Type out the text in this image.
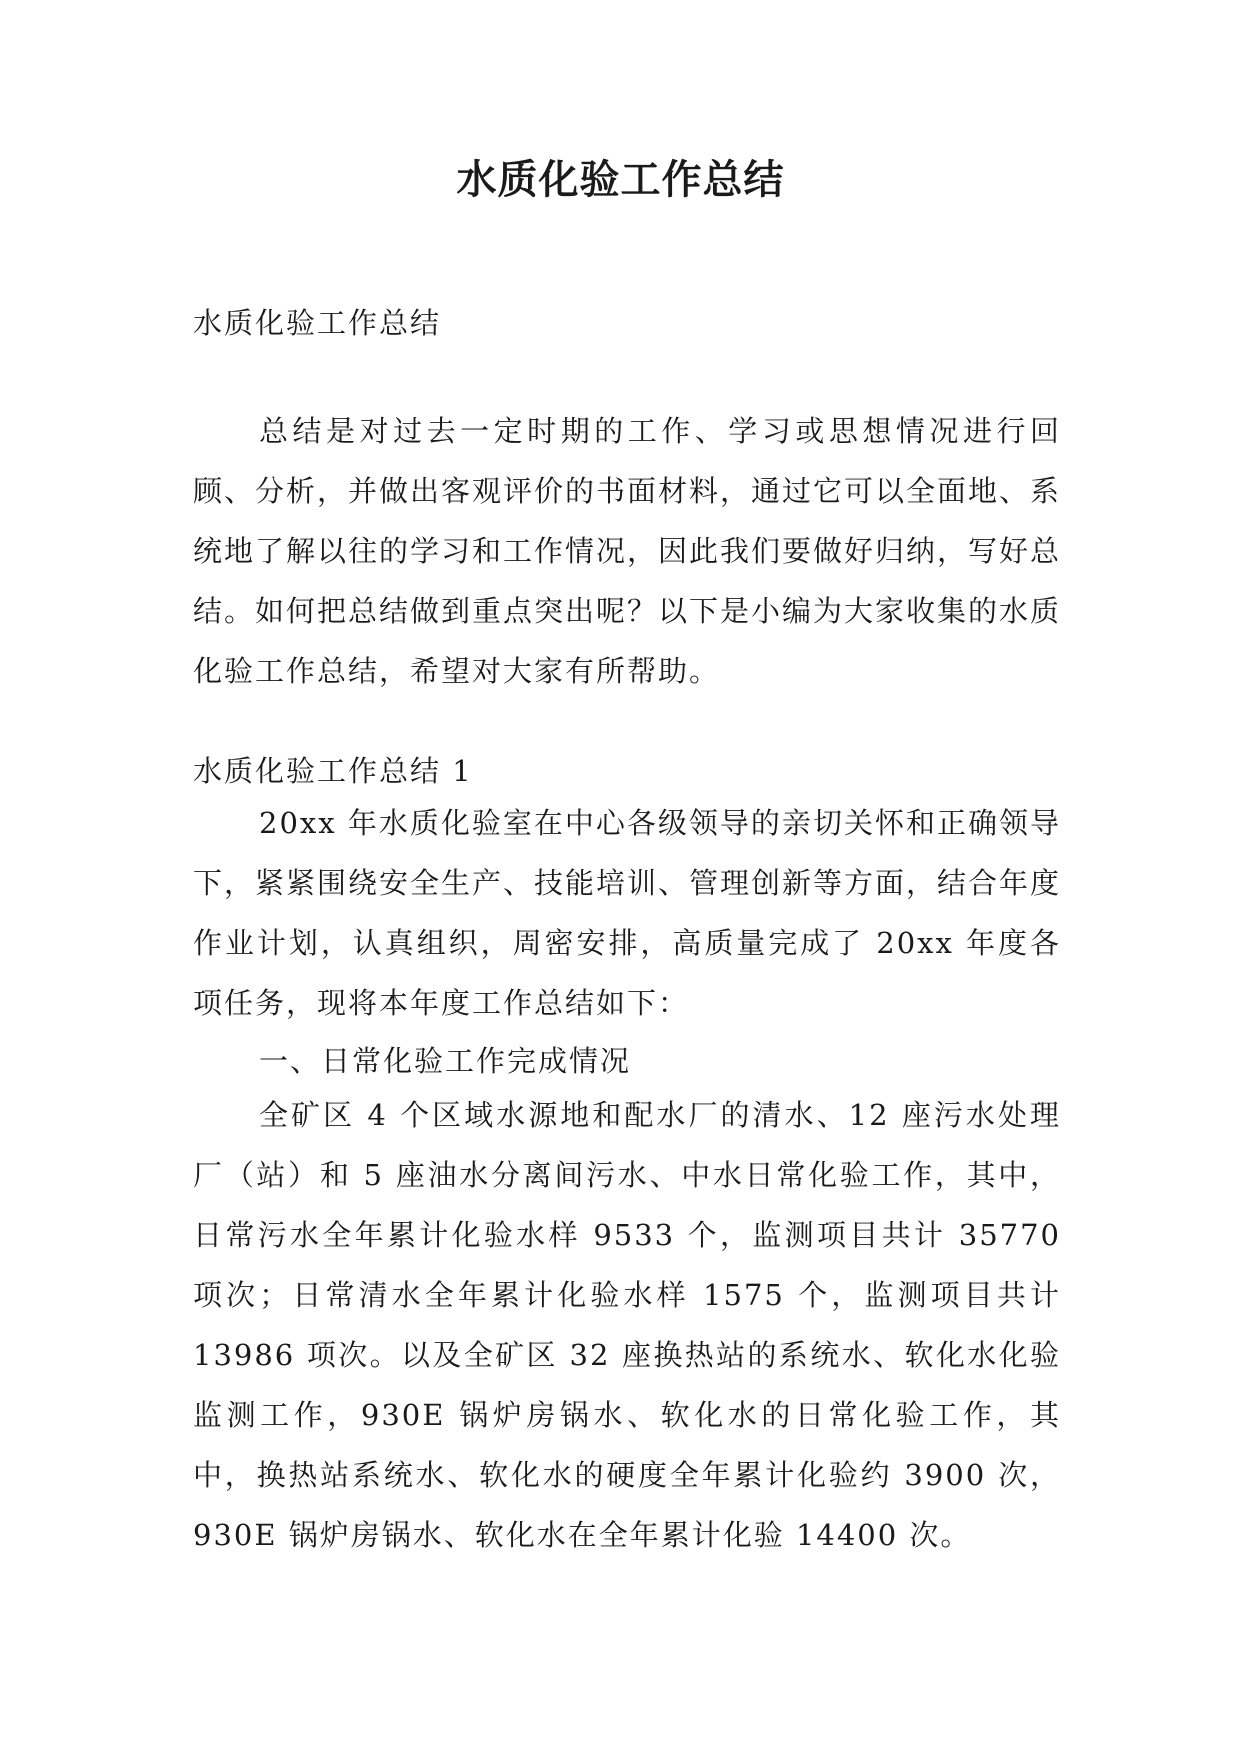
水质化验工作总结

水质化验工作总结

总结是对过去一定时期的工作、学习或思想情况进行回顾、分析，并做出客观评价的书面材料，通过它可以全面地、系统地了解以往的学习和工作情况，因此我们要做好归纳，写好总结。如何把总结做到重点突出呢？以下是小编为大家收集的水质化验工作总结，希望对大家有所帮助。

水质化验工作总结 1

20xx 年水质化验室在中心各级领导的亲切关怀和正确领导下，紧紧围绕安全生产、技能培训、管理创新等方面，结合年度作业计划，认真组织，周密安排，高质量完成了 20xx 年度各项任务，现将本年度工作总结如下：

一、日常化验工作完成情况

全矿区 4 个区域水源地和配水厂的清水、12 座污水处理厂（站）和 5 座油水分离间污水、中水日常化验工作，其中，日常污水全年累计化验水样 9533 个，监测项目共计 35770 项次；日常清水全年累计化验水样 1575 个，监测项目共计 13986 项次。以及全矿区 32 座换热站的系统水、软化水化验监测工作，930E 锅炉房锅水、软化水的日常化验工作，其中，换热站系统水、软化水的硬度全年累计化验约 3900 次，930E 锅炉房锅水、软化水在全年累计化验 14400 次。
